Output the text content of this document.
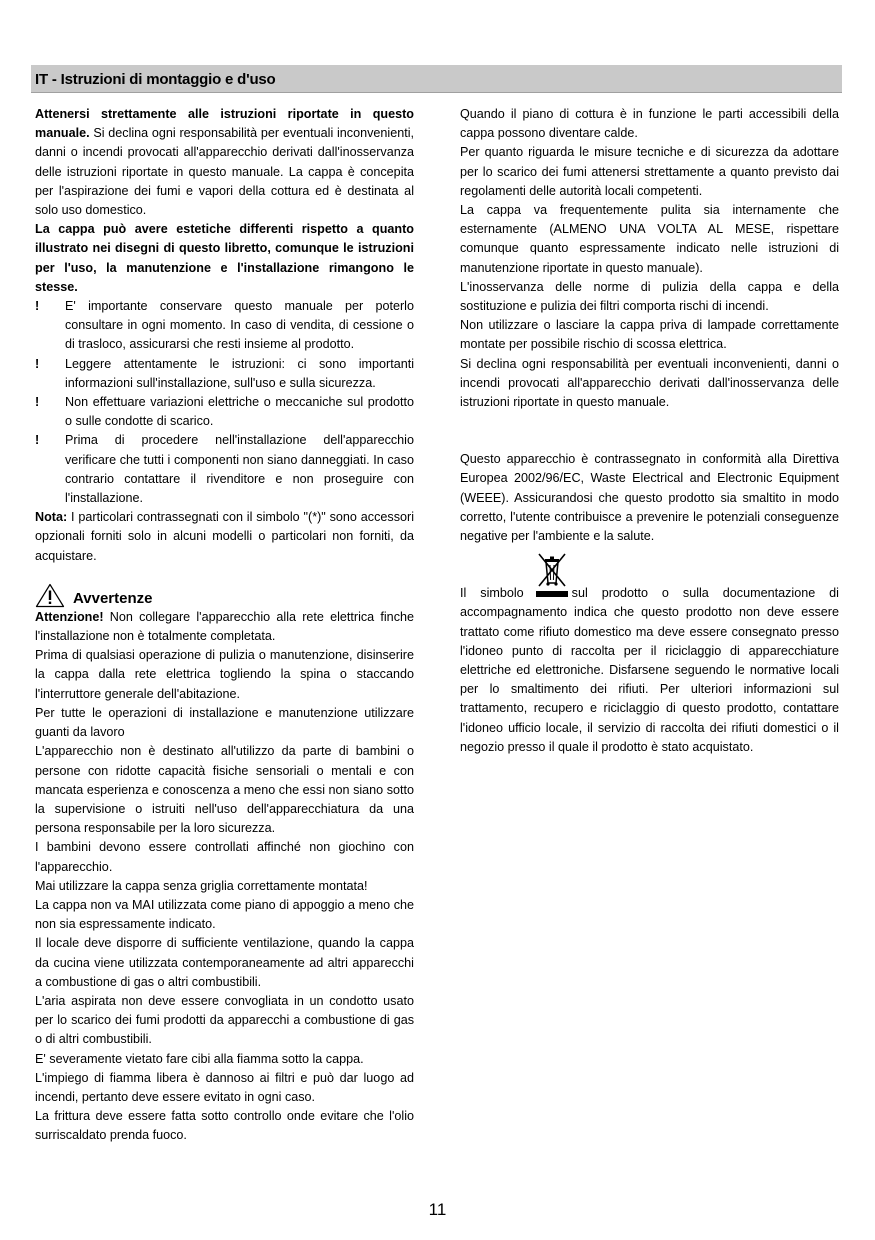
IT - Istruzioni di montaggio e d'uso

Attenersi strettamente alle istruzioni riportate in questo manuale. Si declina ogni responsabilità per eventuali inconvenienti, danni o incendi provocati all'apparecchio derivati dall'inosservanza delle istruzioni riportate in questo manuale. La cappa è concepita per l'aspirazione dei fumi e vapori della cottura ed è destinata al solo uso domestico.

La cappa può avere estetiche differenti rispetto a quanto illustrato nei disegni di questo libretto, comunque le istruzioni per l'uso, la manutenzione e l'installazione rimangono le stesse.

! E' importante conservare questo manuale per poterlo consultare in ogni momento. In caso di vendita, di cessione o di trasloco, assicurarsi che resti insieme al prodotto.
! Leggere attentamente le istruzioni: ci sono importanti informazioni sull'installazione, sull'uso e sulla sicurezza.
! Non effettuare variazioni elettriche o meccaniche sul prodotto o sulle condotte di scarico.
! Prima di procedere nell'installazione dell'apparecchio verificare che tutti i componenti non siano danneggiati. In caso contrario contattare il rivenditore e non proseguire con l'installazione.

Nota: I particolari contrassegnati con il simbolo "(*)" sono accessori opzionali forniti solo in alcuni modelli o particolari non forniti, da acquistare.

Avvertenze

Attenzione! Non collegare l'apparecchio alla rete elettrica finche l'installazione non è totalmente completata.

Prima di qualsiasi operazione di pulizia o manutenzione, disinserire la cappa dalla rete elettrica togliendo la spina o staccando l'interruttore generale dell'abitazione.

Per tutte le operazioni di installazione e manutenzione utilizzare guanti da lavoro

L'apparecchio non è destinato all'utilizzo da parte di bambini o persone con ridotte capacità fisiche sensoriali o mentali e con mancata esperienza e conoscenza a meno che essi non siano sotto la supervisione o istruiti nell'uso dell'apparecchiatura da una persona responsabile per la loro sicurezza.

I bambini devono essere controllati affinché non giochino con l'apparecchio.

Mai utilizzare la cappa senza griglia correttamente montata!

La cappa non va MAI utilizzata come piano di appoggio a meno che non sia espressamente indicato.

Il locale deve disporre di sufficiente ventilazione, quando la cappa da cucina viene utilizzata contemporaneamente ad altri apparecchi a combustione di gas o altri combustibili.

L'aria aspirata non deve essere convogliata in un condotto usato per lo scarico dei fumi prodotti da apparecchi a combustione di gas o di altri combustibili.

E' severamente vietato fare cibi alla fiamma sotto la cappa.

L'impiego di fiamma libera è dannoso ai filtri e può dar luogo ad incendi, pertanto deve essere evitato in ogni caso.

La frittura deve essere fatta sotto controllo onde evitare che l'olio surriscaldato prenda fuoco.

Quando il piano di cottura è in funzione le parti accessibili della cappa possono diventare calde.

Per quanto riguarda le misure tecniche e di sicurezza da adottare per lo scarico dei fumi attenersi strettamente a quanto previsto dai regolamenti delle autorità locali competenti.

La cappa va frequentemente pulita sia internamente che esternamente (ALMENO UNA VOLTA AL MESE, rispettare comunque quanto espressamente indicato nelle istruzioni di manutenzione riportate in questo manuale).

L'inosservanza delle norme di pulizia della cappa e della sostituzione e pulizia dei filtri comporta rischi di incendi.

Non utilizzare o lasciare la cappa priva di lampade correttamente montate per possibile rischio di scossa elettrica.

Si declina ogni responsabilità per eventuali inconvenienti, danni o incendi provocati all'apparecchio derivati dall'inosservanza delle istruzioni riportate in questo manuale.

Questo apparecchio è contrassegnato in conformità alla Direttiva Europea 2002/96/EC, Waste Electrical and Electronic Equipment (WEEE). Assicurandosi che questo prodotto sia smaltito in modo corretto, l'utente contribuisce a prevenire le potenziali conseguenze negative per l'ambiente e la salute.

Il simbolo	sul prodotto o sulla documentazione di accompagnamento indica che questo prodotto non deve essere trattato come rifiuto domestico ma deve essere consegnato presso l'idoneo punto di raccolta per il riciclaggio di apparecchiature elettriche ed elettroniche. Disfarsene seguendo le normative locali per lo smaltimento dei rifiuti. Per ulteriori informazioni sul trattamento, recupero e riciclaggio di questo prodotto, contattare l'idoneo ufficio locale, il servizio di raccolta dei rifiuti domestici o il negozio presso il quale il prodotto è stato acquistato.

11
